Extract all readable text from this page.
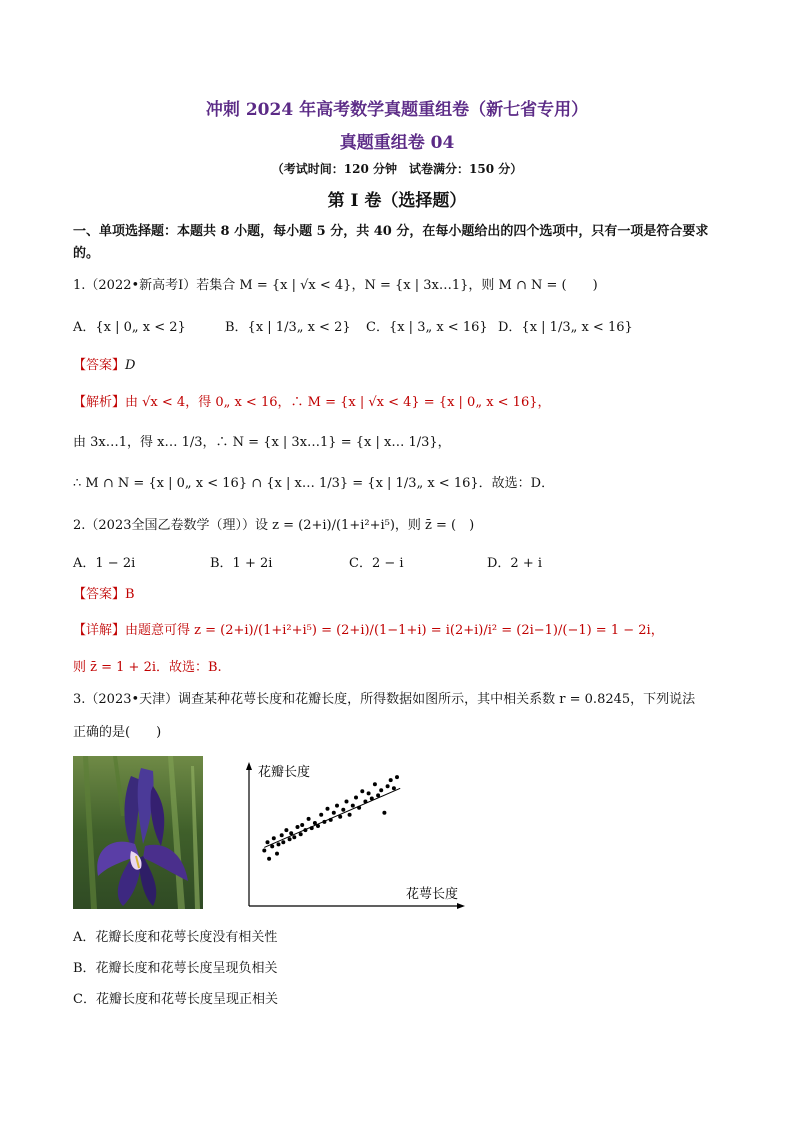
冲刺 2024 年高考数学真题重组卷（新七省专用）
真题重组卷 04
（考试时间：120 分钟　试卷满分：150 分）
第 I 卷（选择题）
一、单项选择题：本题共 8 小题，每小题 5 分，共 40 分，在每小题给出的四个选项中，只有一项是符合要求的。
1.（2022•新高考Ⅰ）若集合 M = {x | √x < 4}，N = {x | 3x…1}，则 M ∩ N = (　　)
A．{x | 0„ x < 2}	B．{x | 1/3„ x < 2} C．{x | 3„ x < 16} D．{x | 1/3„ x < 16}
【答案】D
【解析】由 √x < 4，得 0„ x < 16，∴ M = {x | √x < 4} = {x | 0„ x < 16}，
由 3x…1，得 x… 1/3，∴ N = {x | 3x…1} = {x | x… 1/3}，
∴ M ∩ N = {x | 0„ x < 16} ∩ {x | x… 1/3} = {x | 1/3„ x < 16}．故选：D．
2.（2023全国乙卷数学（理））设 z = (2+i)/(1+i²+i⁵)，则 z̄ = (　)
A．1 − 2i	B．1 + 2i	C．2 − i	D．2 + i
【答案】B
【详解】由题意可得 z = (2+i)/(1+i²+i⁵) = (2+i)/(1−1+i) = i(2+i)/i² = (2i−1)/(−1) = 1 − 2i，
则 z̄ = 1 + 2i．故选：B.
3.（2023•天津）调查某种花萼长度和花瓣长度，所得数据如图所示，其中相关系数 r = 0.8245，下列说法
正确的是(　　)
花瓣长度
花萼长度
A．花瓣长度和花萼长度没有相关性
B．花瓣长度和花萼长度呈现负相关
C．花瓣长度和花萼长度呈现正相关
